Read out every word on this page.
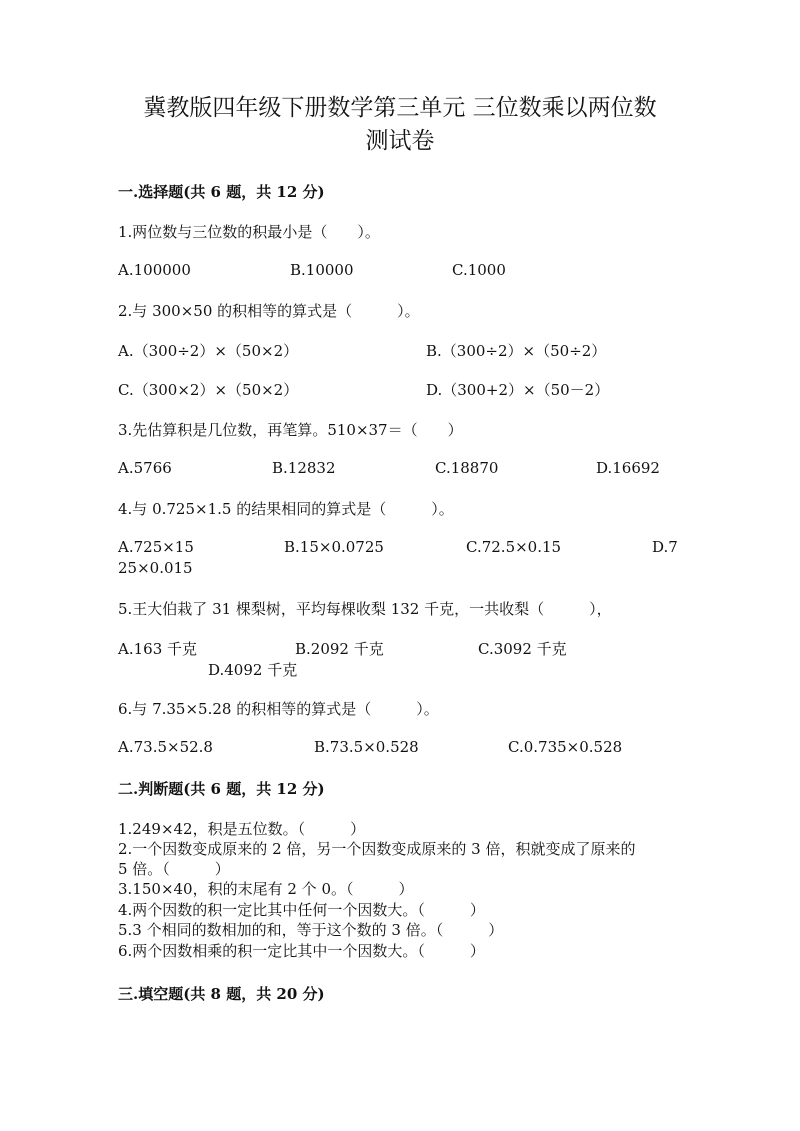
冀教版四年级下册数学第三单元 三位数乘以两位数
测试卷
一.选择题(共 6 题，共 12 分)
1.两位数与三位数的积最小是（　　）。
A.100000	B.10000	C.1000
2.与 300×50 的积相等的算式是（　　　）。
A.（300÷2）×（50×2）	B.（300÷2）×（50÷2）
C.（300×2）×（50×2）	D.（300+2）×（50－2）
3.先估算积是几位数，再笔算。510×37＝（　　）
A.5766	B.12832	C.18870	D.16692
4.与 0.725×1.5 的结果相同的算式是（　　　）。
A.725×15	B.15×0.0725	C.72.5×0.15	D.7
25×0.015
5.王大伯栽了 31 棵梨树，平均每棵收梨 132 千克，一共收梨（　　　），
A.163 千克	B.2092 千克	C.3092 千克
D.4092 千克
6.与 7.35×5.28 的积相等的算式是（　　　）。
A.73.5×52.8	B.73.5×0.528	C.0.735×0.528
二.判断题(共 6 题，共 12 分)
1.249×42，积是五位数。（　　　）
2.一个因数变成原来的 2 倍，另一个因数变成原来的 3 倍，积就变成了原来的
5 倍。（　　　）
3.150×40，积的末尾有 2 个 0。（　　　）
4.两个因数的积一定比其中任何一个因数大。（　　　）
5.3 个相同的数相加的和，等于这个数的 3 倍。（　　　）
6.两个因数相乘的积一定比其中一个因数大。（　　　）
三.填空题(共 8 题，共 20 分)
